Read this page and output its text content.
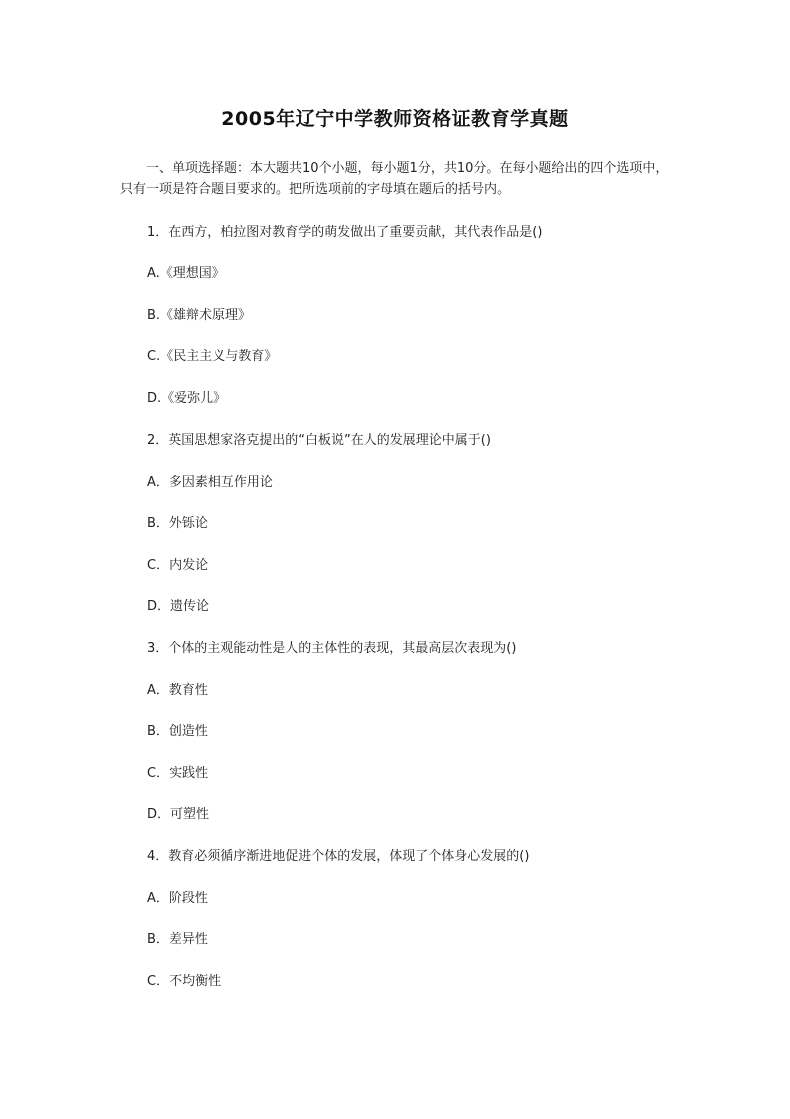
2005年辽宁中学教师资格证教育学真题
一、单项选择题：本大题共10个小题，每小题1分，共10分。在每小题给出的四个选项中，只有一项是符合题目要求的。把所选项前的字母填在题后的括号内。
1．在西方，柏拉图对教育学的萌发做出了重要贡献，其代表作品是()
A.《理想国》
B.《雄辩术原理》
C.《民主主义与教育》
D.《爱弥儿》
2．英国思想家洛克提出的“白板说”在人的发展理论中属于()
A．多因素相互作用论
B．外铄论
C．内发论
D．遗传论
3．个体的主观能动性是人的主体性的表现，其最高层次表现为()
A．教育性
B．创造性
C．实践性
D．可塑性
4．教育必须循序渐进地促进个体的发展，体现了个体身心发展的()
A．阶段性
B．差异性
C．不均衡性
